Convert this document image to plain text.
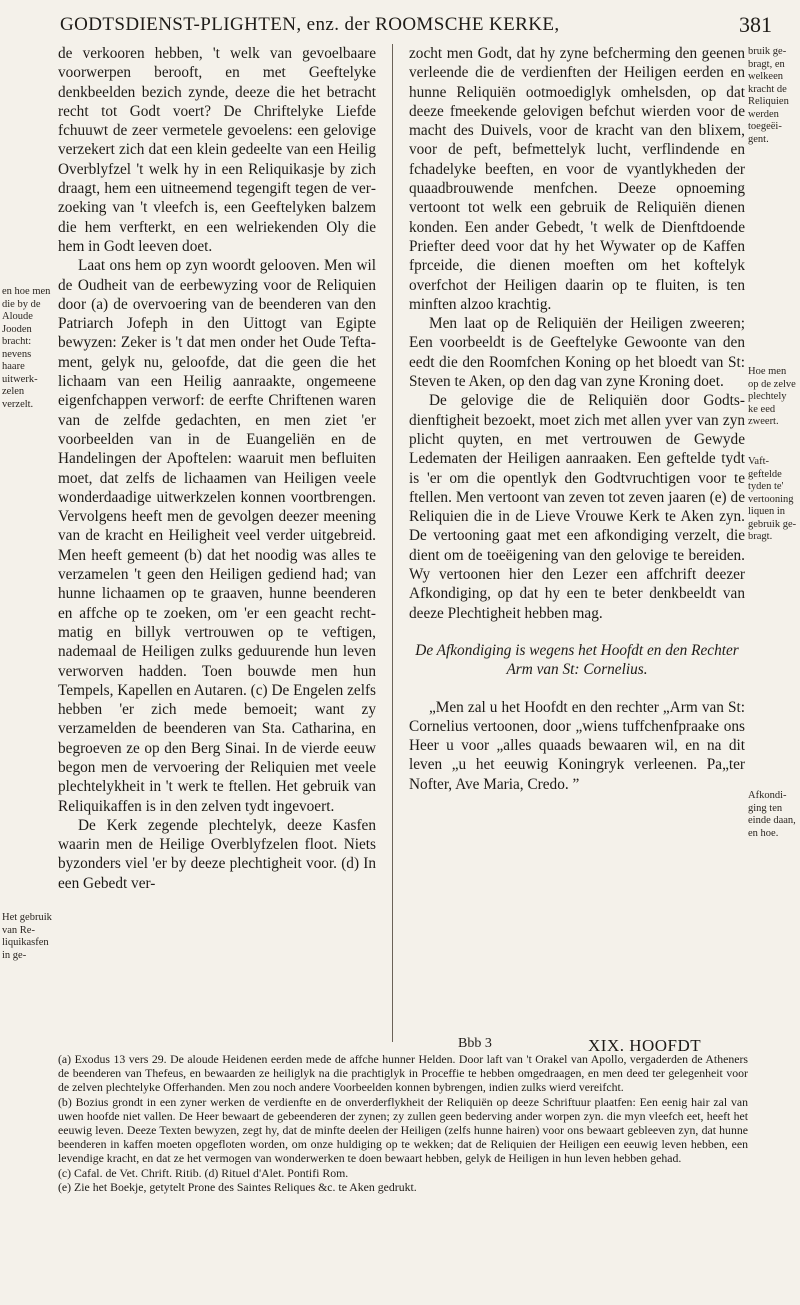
GODTSDIENST-PLIGHTEN, enz. der ROOMSCHE KERKE,	381
en hoe men die by de Aloude Jooden bracht: nevens haare uitwerkzelen verzelt.
Het gebruik van Reliquikasfen in ge-

de verkooren hebben, 't welk van gevoelbaare voorwerpen berooft, en met Geeftelyke denkbeelden bezich zynde, deeze die het betracht recht tot Godt voert? De Chriftelyke Liefde fchuuwt de zeer vermetele gevoelens: een gelovige verzekert zich dat een klein gedeelte van een Heilig Overblyfzel 't welk hy in een Reliquikasje by zich draagt, hem een uitneemend tegengift tegen de verzoeking van 't vleefch is, een Geeftelyken balzem die hem verfterkt, en een welriekenden Oly die hem in Godt leeven doet.

Laat ons hem op zyn woordt gelooven. Men wil de Oudheit van de eerbewyzing voor de Reliquien door (a) de overvoering van de beenderen van den Patriarch Jofeph in den Uittogt van Egipte bewyzen: Zeker is 't dat men onder het Oude Teftament, gelyk nu, geloofde, dat die geen die het lichaam van een Heilig aanraakte, ongemeene eigenfchappen verworf: de eerfte Chriftenen waren van de zelfde gedachten, en men ziet 'er voorbeelden van in de Euangeliën en de Handelingen der Apoftelen: waaruit men befluiten moet, dat zelfs de lichaamen van Heiligen veele wonderdaadige uitwerkzelen konnen voortbrengen. Vervolgens heeft men de gevolgen deezer meening van de kracht en Heiligheit veel verder uitgebreid. Men heeft gemeent (b) dat het noodig was alles te verzamelen 't geen den Heiligen gediend had; van hunne lichaamen op te graaven, hunne beenderen en affche op te zoeken, om 'er een geacht rechtmatig en billyk vertrouwen op te veftigen, nademaal de Heiligen zulks geduurende hun leven verworven hadden. Toen bouwde men hun Tempels, Kapellen en Autaren. (c) De Engelen zelfs hebben 'er zich mede bemoeit; want zy verzamelden de beenderen van Sta. Catharina, en begroeven ze op den Berg Sinai. In de vierde eeuw begon men de vervoering der Reliquien met veele plechtelykheit in 't werk te ftellen. Het gebruik van Reliquikaffen is in den zelven tydt ingevoert.

De Kerk zegende plechtelyk, deeze Kasfen waarin men de Heilige Overblyfzelen floot. Niets byzonders viel 'er by deeze plechtigheit voor. (d) In een Gebedt ver-

zocht men Godt, dat hy zyne befcherming den geenen verleende die de verdienften der Heiligen eerden en hunne Reliquiën ootmoediglyk omhelsden, op dat deeze fmeekende gelovigen befchut wierden voor de macht des Duivels, voor de kracht van den blixem, voor de peft, befmettelyk lucht, verflindende en fchadelyke beeften, en voor de vyantlykheden der quaadbrouwende menfchen. Deeze opnoeming vertoont tot welk een gebruik de Reliquiën dienen konden. Een ander Gebedt, 't welk de Dienftdoende Priefter deed voor dat hy het Wywater op de Kaffen fprceide, die dienen moeften om het koftelyk overfchot der Heiligen daarin op te fluiten, is ten minften alzoo krachtig.

Men laat op de Reliquiën der Heiligen zweeren; Een voorbeeldt is de Geeftelyke Gewoonte van den eedt die den Roomfchen Koning op het bloedt van St: Steven te Aken, op den dag van zyne Kroning doet.

De gelovige die de Reliquiën door Godtsdienftigheit bezoekt, moet zich met allen yver van zyn plicht quyten, en met vertrouwen de Gewyde Ledematen der Heiligen aanraaken. Een geftelde tydt is 'er om die opentlyk den Godtvruchtigen voor te ftellen. Men vertoont van zeven tot zeven jaaren (e) de Reliquien die in de Lieve Vrouwe Kerk te Aken zyn. De vertooning gaat met een afkondiging verzelt, die dient om de toeëigening van den gelovige te bereiden. Wy vertoonen hier den Lezer een affchrift deezer Afkondiging, op dat hy een te beter denkbeeldt van deeze Plechtigheit hebben mag.

De Afkondiging is wegens het Hoofdt en den Rechter Arm van St: Cornelius.

„Men zal u het Hoofdt en den rechter „Arm van St: Cornelius vertoonen, door „wiens tuffchenfpraake ons Heer u voor „alles quaads bewaaren wil, en na dit leven „u het eeuwig Koningryk verleenen. Pa„ter Nofter, Ave Maria, Credo. ”

bruik gebragt, en welkeen kracht de Reliquien werden toegeëigent.
Hoe men op de zelve plechtely ke eed zweert.
Vaftgeftelde tyden te' vertooning liquen in gebruik gebragt.
Afkondiging ten einde daan, en hoe.
Bbb 3	XIX. HOOFDT

(a) Exodus 13 vers 29. De aloude Heidenen eerden mede de affche hunner Helden. Door laft van 't Orakel van Apollo, vergaderden de Atheners de beenderen van Thefeus, en bewaarden ze heiliglyk na die prachtiglyk in Proceffie te hebben omgedraagen, en men deed ter gelegenheit voor de zelven plechtelyke Offerhanden. Men zou noch andere Voorbeelden konnen bybrengen, indien zulks wierd vereifcht.

(b) Bozius grondt in een zyner werken de verdienfte en de onverderflykheit der Reliquiën op deeze Schriftuur plaatfen: Een eenig hair zal van uwen hoofde niet vallen. De Heer bewaart de gebeenderen der zynen; zy zullen geen bederving ander worpen zyn. die myn vleefch eet, heeft het eeuwig leven. Deeze Texten bewyzen, zegt hy, dat de minfte deelen der Heiligen (zelfs hunne hairen) voor ons bewaart gebleeven zyn, dat hunne beenderen in kaffen moeten opgefloten worden, om onze huldiging op te wekken; dat de Reliquien der Heiligen een eeuwig leven hebben, een levendige kracht, en dat ze het vermogen van wonderwerken te doen bewaart hebben, gelyk de Heiligen in hun leven hebben gehad.

(c) Cafal. de Vet. Chrift. Ritib. (d) Rituel d'Alet. Pontifi Rom.

(e) Zie het Boekje, getytelt Prone des Saintes Reliques &c. te Aken gedrukt.
